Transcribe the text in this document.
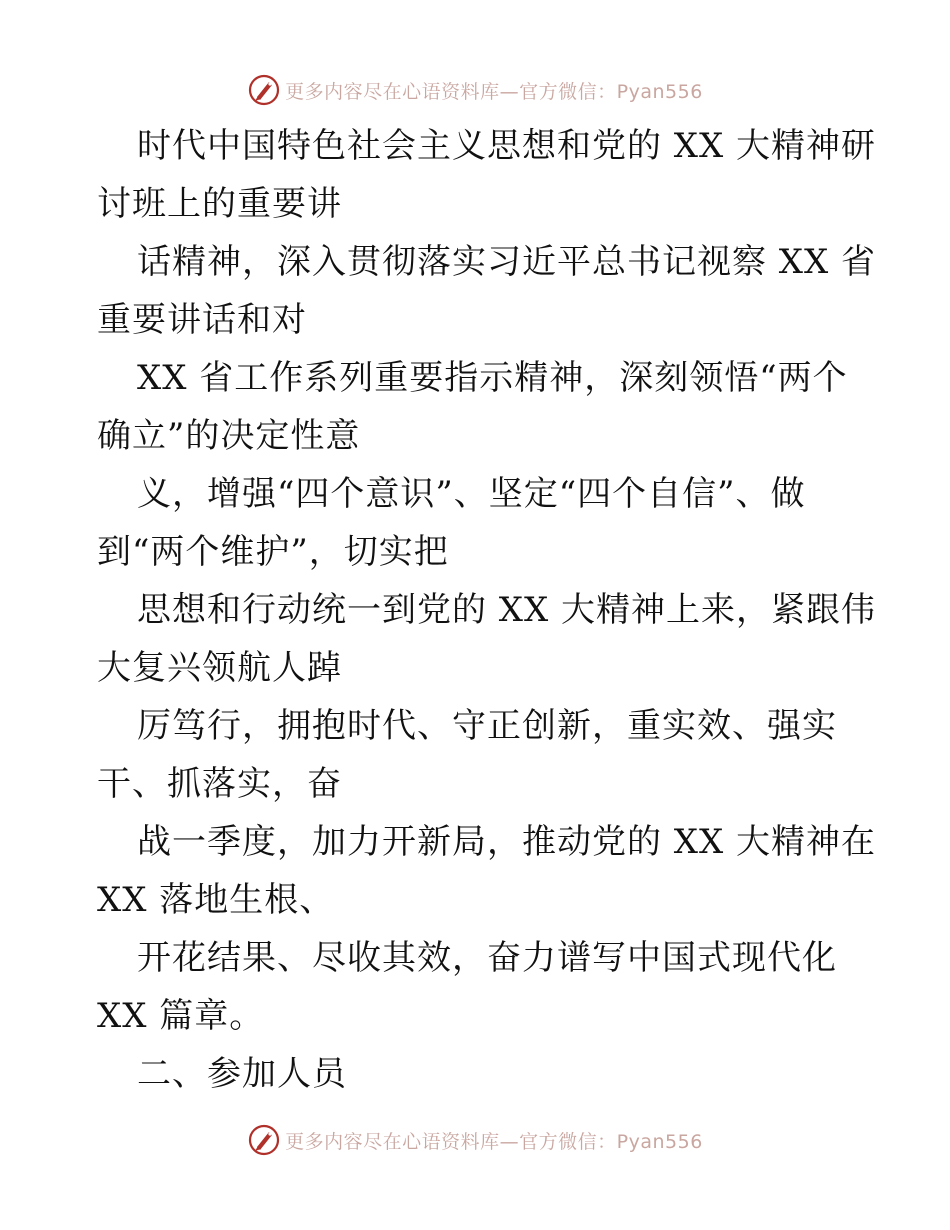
更多内容尽在心语资料库—官方微信：Pyan556
时代中国特色社会主义思想和党的 XX 大精神研
讨班上的重要讲
话精神，深入贯彻落实习近平总书记视察 XX 省
重要讲话和对
XX 省工作系列重要指示精神，深刻领悟“两个
确立”的决定性意
义，增强“四个意识”、坚定“四个自信”、做
到“两个维护”，切实把
思想和行动统一到党的 XX 大精神上来，紧跟伟
大复兴领航人踔
厉笃行，拥抱时代、守正创新，重实效、强实
干、抓落实，奋
战一季度，加力开新局，推动党的 XX 大精神在
XX 落地生根、
开花结果、尽收其效，奋力谱写中国式现代化
XX 篇章。
二、参加人员
更多内容尽在心语资料库—官方微信：Pyan556
